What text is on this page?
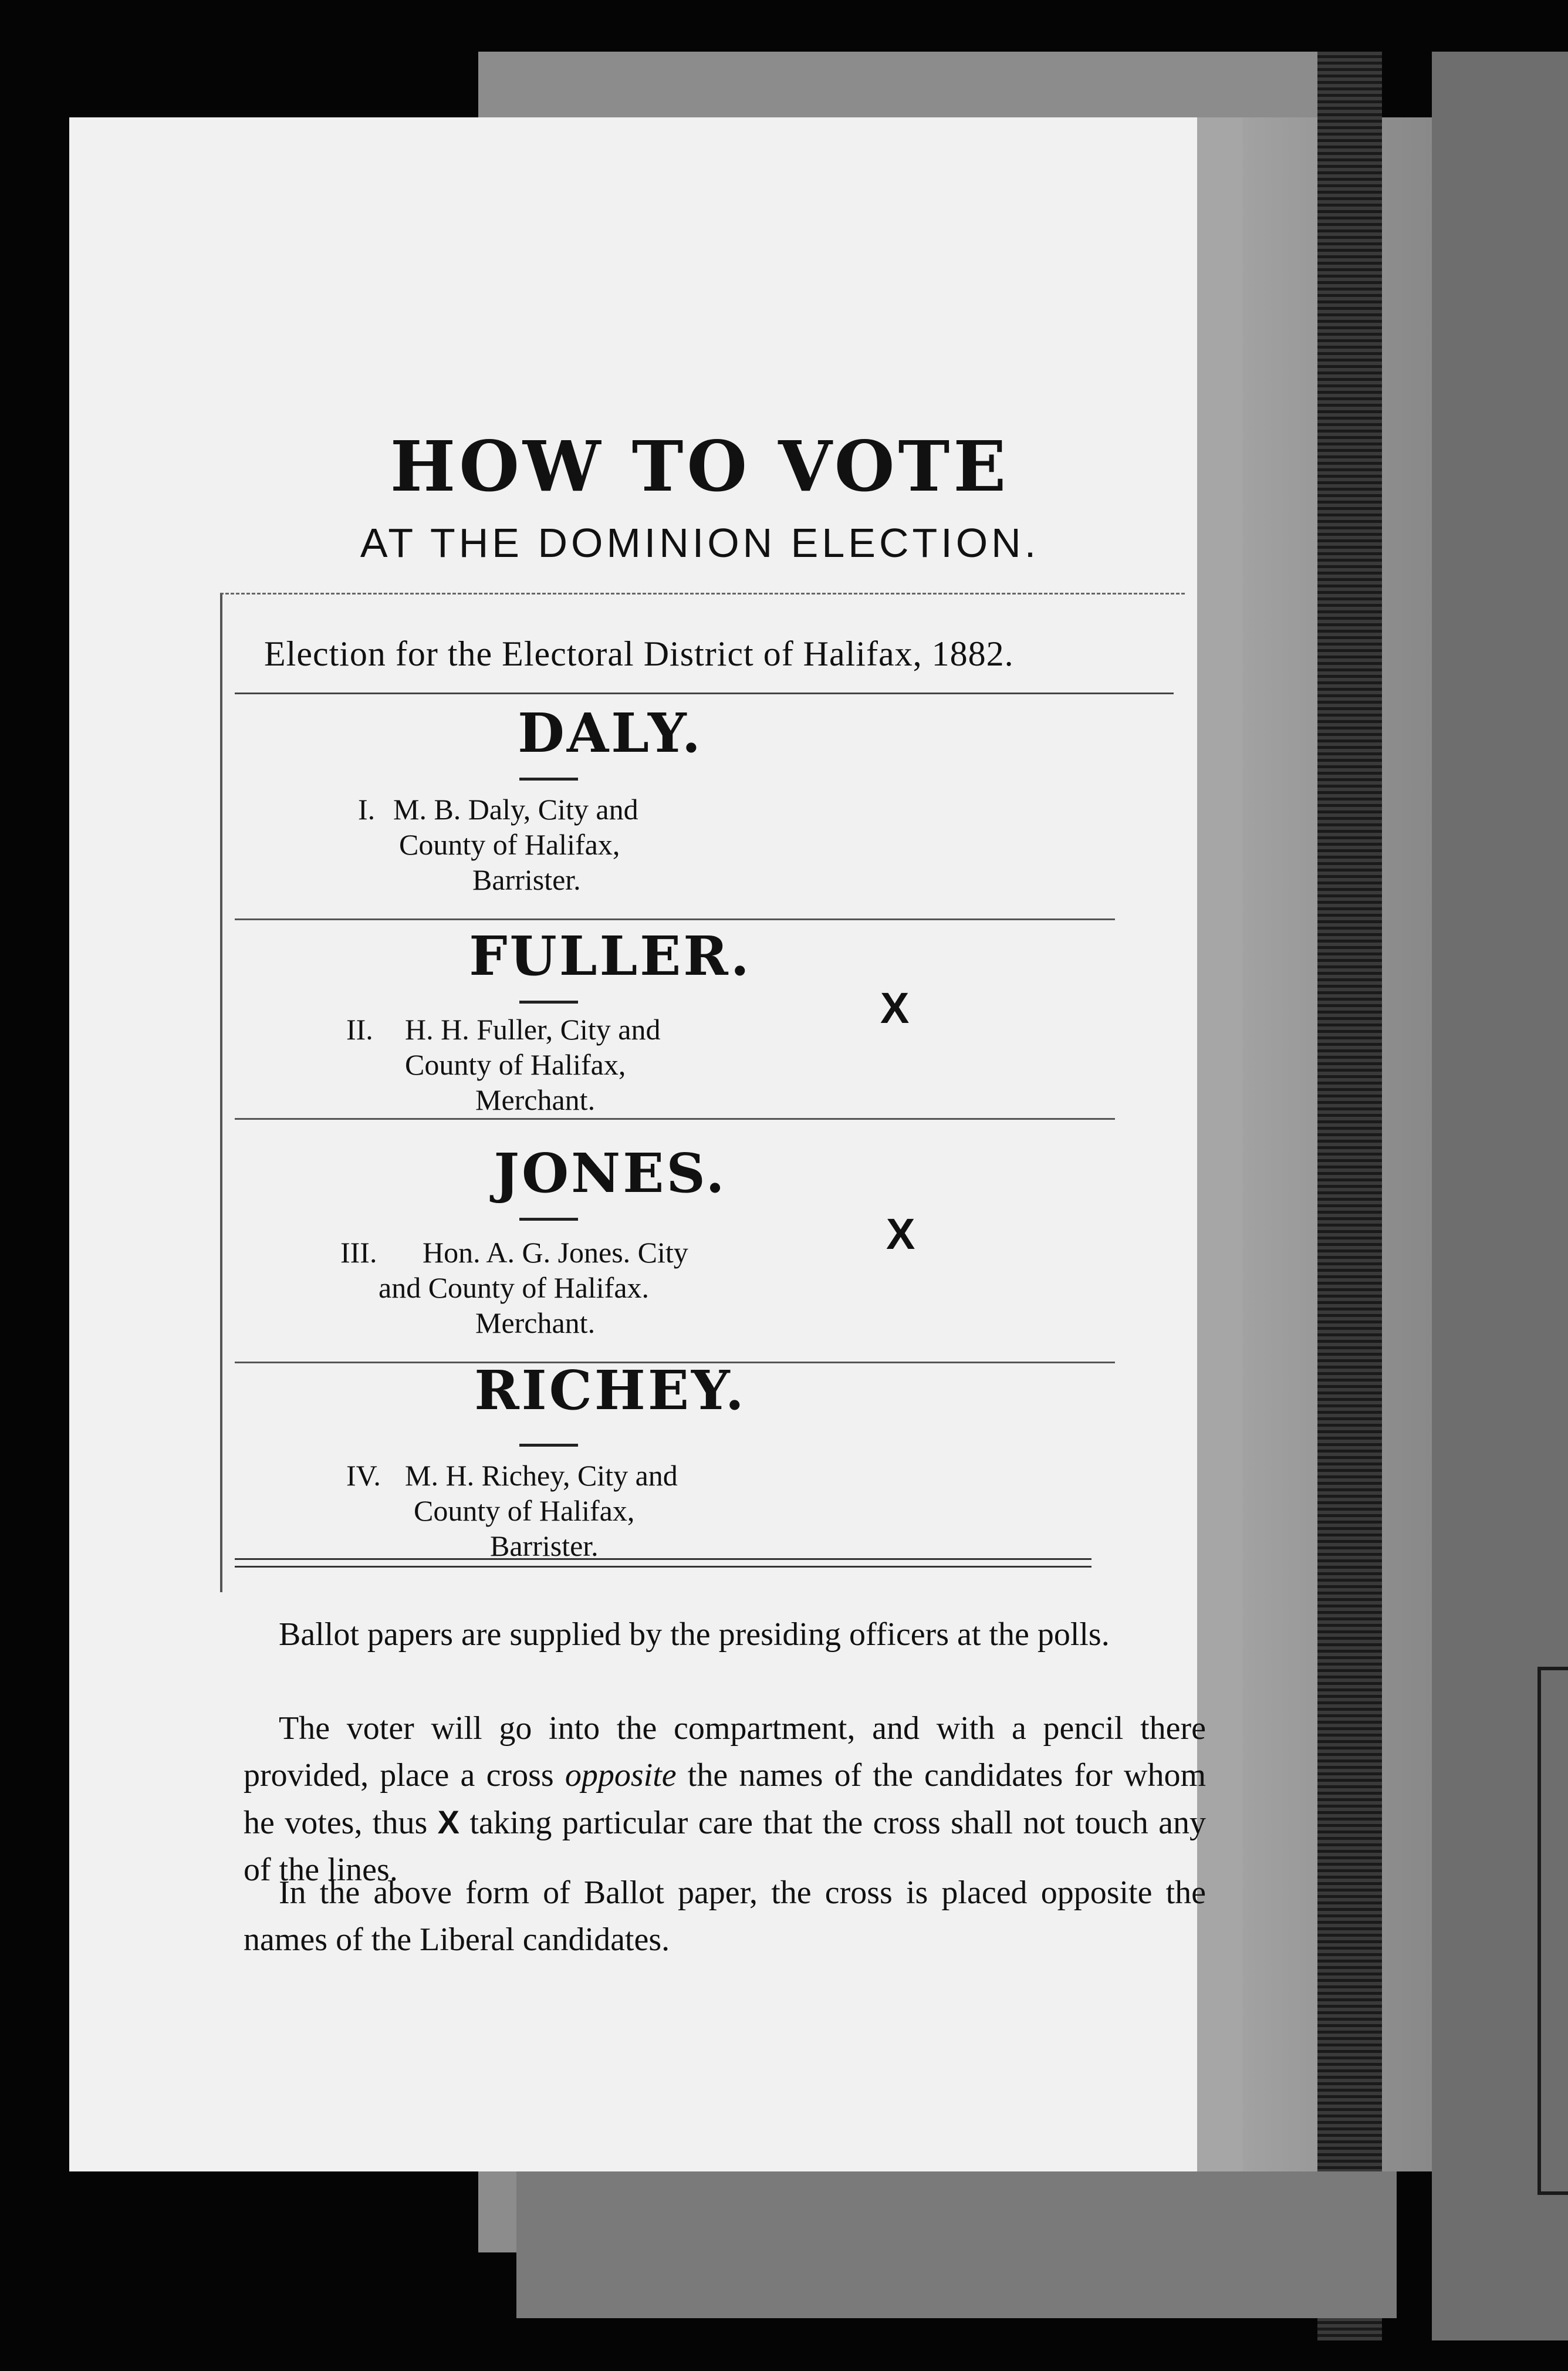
HOW TO VOTE
AT THE DOMINION ELECTION.
Election for the Electoral District of Halifax, 1882.
DALY.
I. M. B. Daly, City and
County of Halifax,
Barrister.
FULLER.
II. H. H. Fuller, City and
County of Halifax,
Merchant.
X
JONES.
III. Hon. A. G. Jones. City
and County of Halifax.
Merchant.
X
RICHEY.
IV. M. H. Richey, City and
County of Halifax,
Barrister.
Ballot papers are supplied by the presiding officers at the polls.
The voter will go into the compartment, and with a pencil there provided, place a cross opposite the names of the candidates for whom he votes, thus X taking particular care that the cross shall not touch any of the lines.
In the above form of Ballot paper, the cross is placed opposite the names of the Liberal candidates.
